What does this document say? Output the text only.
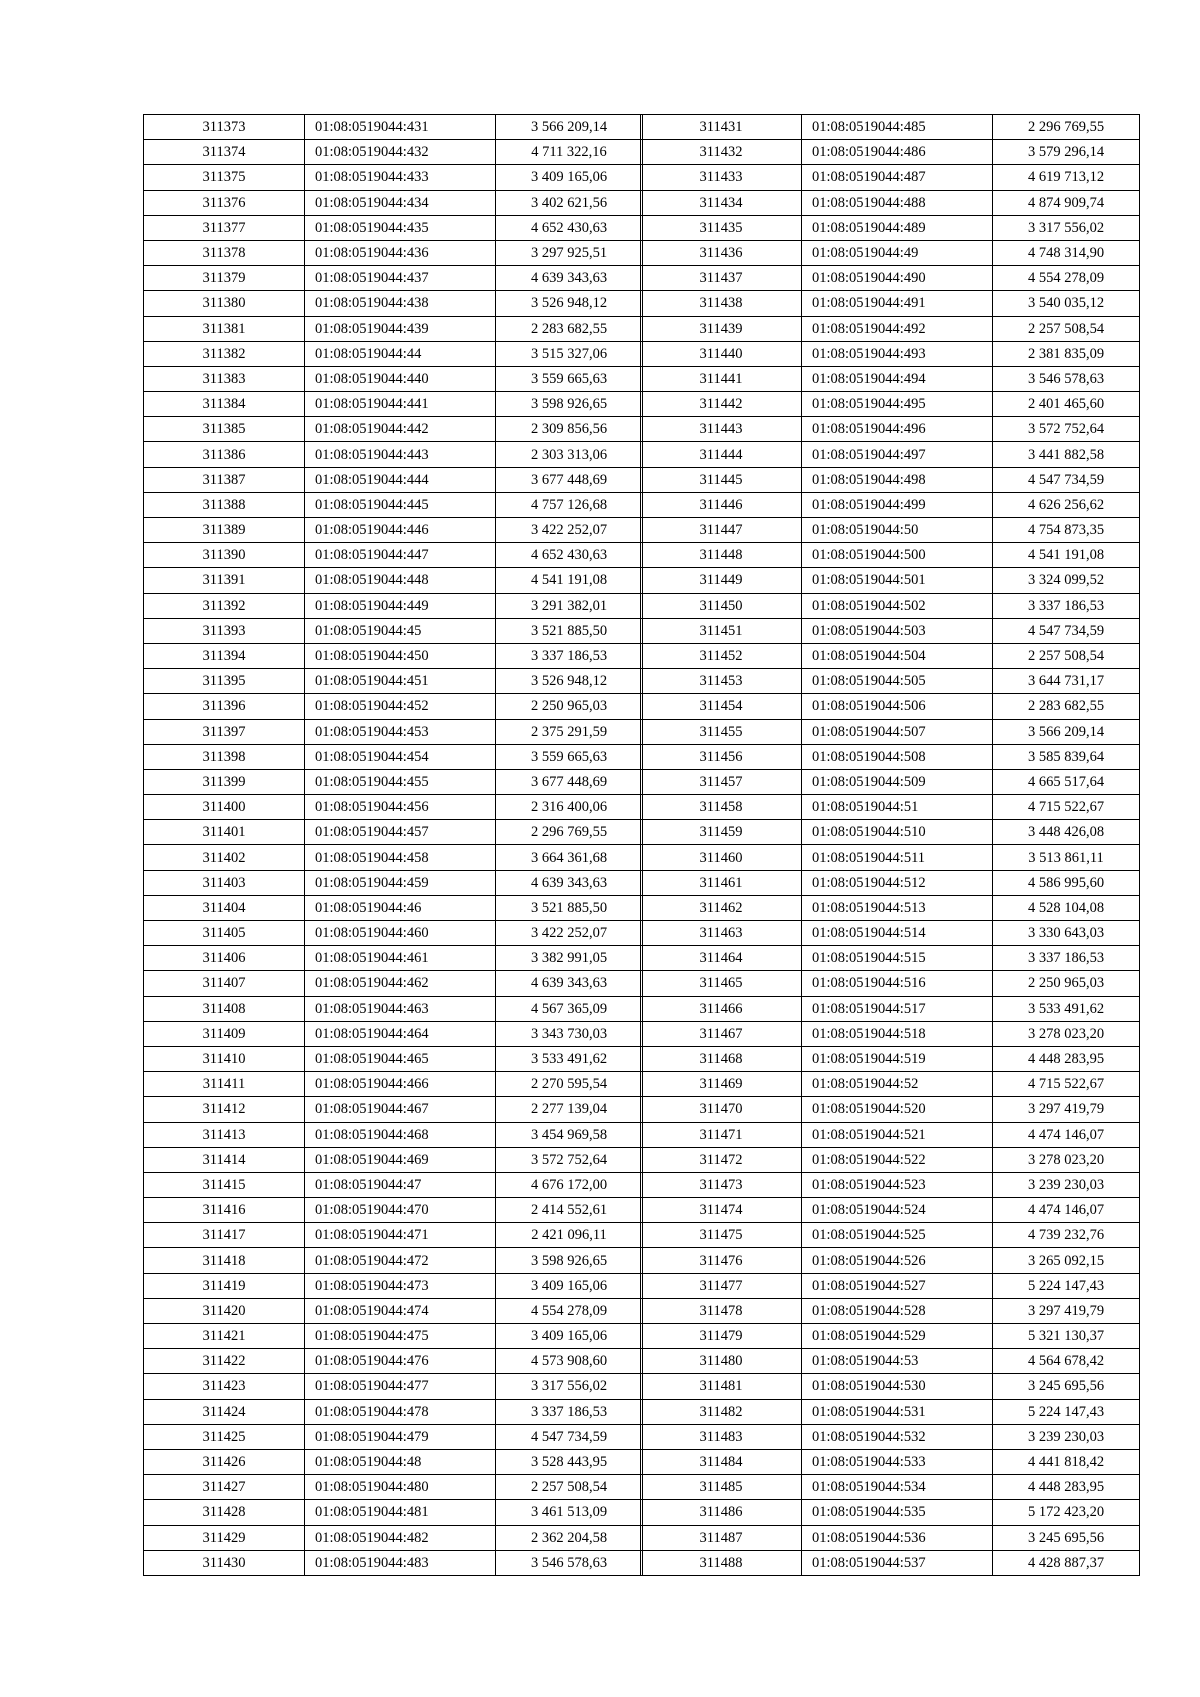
311373	01:08:0519044:431	3 566 209,14
311374	01:08:0519044:432	4 711 322,16
311375	01:08:0519044:433	3 409 165,06
311376	01:08:0519044:434	3 402 621,56
311377	01:08:0519044:435	4 652 430,63
311378	01:08:0519044:436	3 297 925,51
311379	01:08:0519044:437	4 639 343,63
311380	01:08:0519044:438	3 526 948,12
311381	01:08:0519044:439	2 283 682,55
311382	01:08:0519044:44	3 515 327,06
311383	01:08:0519044:440	3 559 665,63
311384	01:08:0519044:441	3 598 926,65
311385	01:08:0519044:442	2 309 856,56
311386	01:08:0519044:443	2 303 313,06
311387	01:08:0519044:444	3 677 448,69
311388	01:08:0519044:445	4 757 126,68
311389	01:08:0519044:446	3 422 252,07
311390	01:08:0519044:447	4 652 430,63
311391	01:08:0519044:448	4 541 191,08
311392	01:08:0519044:449	3 291 382,01
311393	01:08:0519044:45	3 521 885,50
311394	01:08:0519044:450	3 337 186,53
311395	01:08:0519044:451	3 526 948,12
311396	01:08:0519044:452	2 250 965,03
311397	01:08:0519044:453	2 375 291,59
311398	01:08:0519044:454	3 559 665,63
311399	01:08:0519044:455	3 677 448,69
311400	01:08:0519044:456	2 316 400,06
311401	01:08:0519044:457	2 296 769,55
311402	01:08:0519044:458	3 664 361,68
311403	01:08:0519044:459	4 639 343,63
311404	01:08:0519044:46	3 521 885,50
311405	01:08:0519044:460	3 422 252,07
311406	01:08:0519044:461	3 382 991,05
311407	01:08:0519044:462	4 639 343,63
311408	01:08:0519044:463	4 567 365,09
311409	01:08:0519044:464	3 343 730,03
311410	01:08:0519044:465	3 533 491,62
311411	01:08:0519044:466	2 270 595,54
311412	01:08:0519044:467	2 277 139,04
311413	01:08:0519044:468	3 454 969,58
311414	01:08:0519044:469	3 572 752,64
311415	01:08:0519044:47	4 676 172,00
311416	01:08:0519044:470	2 414 552,61
311417	01:08:0519044:471	2 421 096,11
311418	01:08:0519044:472	3 598 926,65
311419	01:08:0519044:473	3 409 165,06
311420	01:08:0519044:474	4 554 278,09
311421	01:08:0519044:475	3 409 165,06
311422	01:08:0519044:476	4 573 908,60
311423	01:08:0519044:477	3 317 556,02
311424	01:08:0519044:478	3 337 186,53
311425	01:08:0519044:479	4 547 734,59
311426	01:08:0519044:48	3 528 443,95
311427	01:08:0519044:480	2 257 508,54
311428	01:08:0519044:481	3 461 513,09
311429	01:08:0519044:482	2 362 204,58
311430	01:08:0519044:483	3 546 578,63
311431	01:08:0519044:485	2 296 769,55
311432	01:08:0519044:486	3 579 296,14
311433	01:08:0519044:487	4 619 713,12
311434	01:08:0519044:488	4 874 909,74
311435	01:08:0519044:489	3 317 556,02
311436	01:08:0519044:49	4 748 314,90
311437	01:08:0519044:490	4 554 278,09
311438	01:08:0519044:491	3 540 035,12
311439	01:08:0519044:492	2 257 508,54
311440	01:08:0519044:493	2 381 835,09
311441	01:08:0519044:494	3 546 578,63
311442	01:08:0519044:495	2 401 465,60
311443	01:08:0519044:496	3 572 752,64
311444	01:08:0519044:497	3 441 882,58
311445	01:08:0519044:498	4 547 734,59
311446	01:08:0519044:499	4 626 256,62
311447	01:08:0519044:50	4 754 873,35
311448	01:08:0519044:500	4 541 191,08
311449	01:08:0519044:501	3 324 099,52
311450	01:08:0519044:502	3 337 186,53
311451	01:08:0519044:503	4 547 734,59
311452	01:08:0519044:504	2 257 508,54
311453	01:08:0519044:505	3 644 731,17
311454	01:08:0519044:506	2 283 682,55
311455	01:08:0519044:507	3 566 209,14
311456	01:08:0519044:508	3 585 839,64
311457	01:08:0519044:509	4 665 517,64
311458	01:08:0519044:51	4 715 522,67
311459	01:08:0519044:510	3 448 426,08
311460	01:08:0519044:511	3 513 861,11
311461	01:08:0519044:512	4 586 995,60
311462	01:08:0519044:513	4 528 104,08
311463	01:08:0519044:514	3 330 643,03
311464	01:08:0519044:515	3 337 186,53
311465	01:08:0519044:516	2 250 965,03
311466	01:08:0519044:517	3 533 491,62
311467	01:08:0519044:518	3 278 023,20
311468	01:08:0519044:519	4 448 283,95
311469	01:08:0519044:52	4 715 522,67
311470	01:08:0519044:520	3 297 419,79
311471	01:08:0519044:521	4 474 146,07
311472	01:08:0519044:522	3 278 023,20
311473	01:08:0519044:523	3 239 230,03
311474	01:08:0519044:524	4 474 146,07
311475	01:08:0519044:525	4 739 232,76
311476	01:08:0519044:526	3 265 092,15
311477	01:08:0519044:527	5 224 147,43
311478	01:08:0519044:528	3 297 419,79
311479	01:08:0519044:529	5 321 130,37
311480	01:08:0519044:53	4 564 678,42
311481	01:08:0519044:530	3 245 695,56
311482	01:08:0519044:531	5 224 147,43
311483	01:08:0519044:532	3 239 230,03
311484	01:08:0519044:533	4 441 818,42
311485	01:08:0519044:534	4 448 283,95
311486	01:08:0519044:535	5 172 423,20
311487	01:08:0519044:536	3 245 695,56
311488	01:08:0519044:537	4 428 887,37
